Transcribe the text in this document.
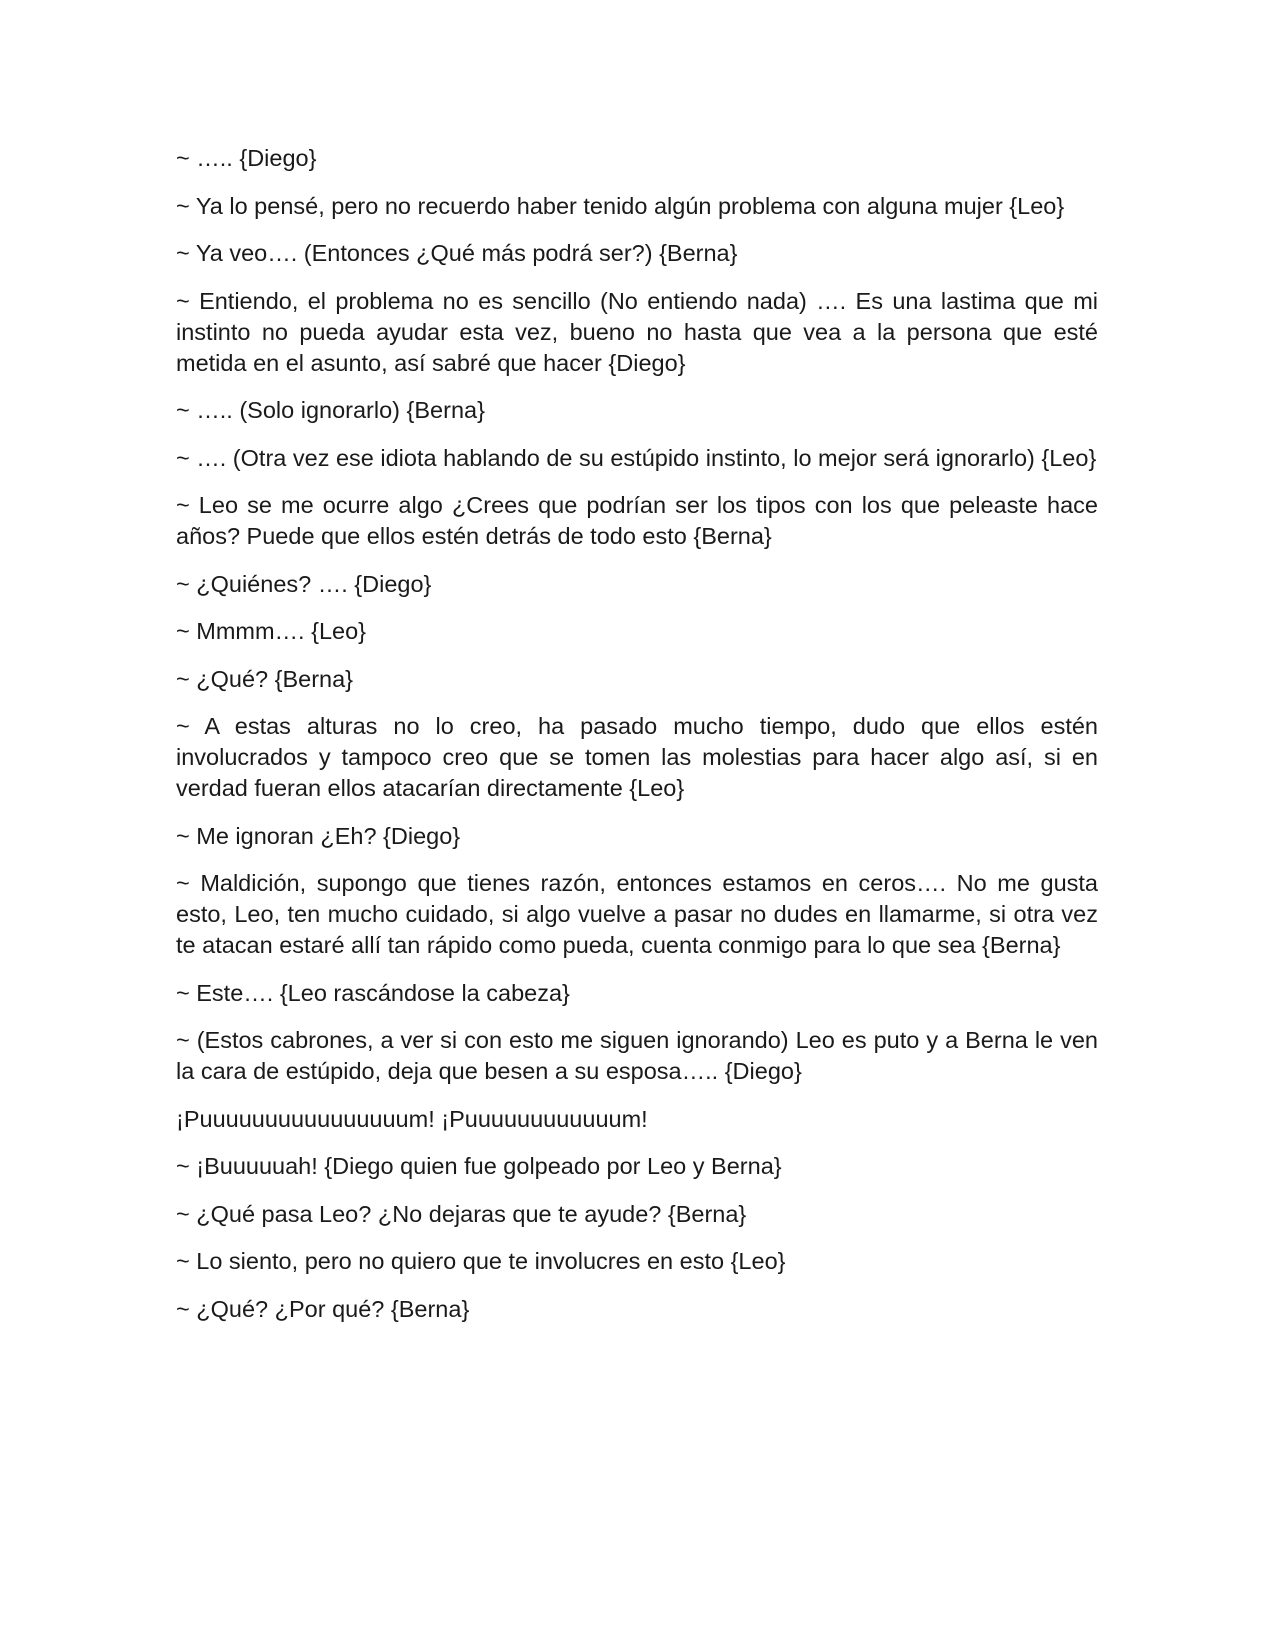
~ ….. {Diego}

~ Ya lo pensé, pero no recuerdo haber tenido algún problema con alguna mujer {Leo}

~ Ya veo…. (Entonces ¿Qué más podrá ser?) {Berna}

~ Entiendo, el problema no es sencillo (No entiendo nada) …. Es una lastima que mi instinto no pueda ayudar esta vez, bueno no hasta que vea a la persona que esté metida en el asunto, así sabré que hacer {Diego}

~ ….. (Solo ignorarlo) {Berna}

~ …. (Otra vez ese idiota hablando de su estúpido instinto, lo mejor será ignorarlo) {Leo}

~ Leo se me ocurre algo ¿Crees que podrían ser los tipos con los que peleaste hace años? Puede que ellos estén detrás de todo esto {Berna}

~ ¿Quiénes? …. {Diego}

~ Mmmm…. {Leo}

~ ¿Qué? {Berna}

~ A estas alturas no lo creo, ha pasado mucho tiempo, dudo que ellos estén involucrados y tampoco creo que se tomen las molestias para hacer algo así, si en verdad fueran ellos atacarían directamente {Leo}

~ Me ignoran ¿Eh? {Diego}

~ Maldición, supongo que tienes razón, entonces estamos en ceros…. No me gusta esto, Leo, ten mucho cuidado, si algo vuelve a pasar no dudes en llamarme, si otra vez te atacan estaré allí tan rápido como pueda, cuenta conmigo para lo que sea {Berna}

~ Este…. {Leo rascándose la cabeza}

~ (Estos cabrones, a ver si con esto me siguen ignorando) Leo es puto y a Berna le ven la cara de estúpido, deja que besen a su esposa….. {Diego}

¡Puuuuuuuuuuuuuuuum! ¡Puuuuuuuuuuuum!

~ ¡Buuuuuah! {Diego quien fue golpeado por Leo y Berna}

~ ¿Qué pasa Leo? ¿No dejaras que te ayude? {Berna}

~ Lo siento, pero no quiero que te involucres en esto {Leo}

~ ¿Qué? ¿Por qué? {Berna}
